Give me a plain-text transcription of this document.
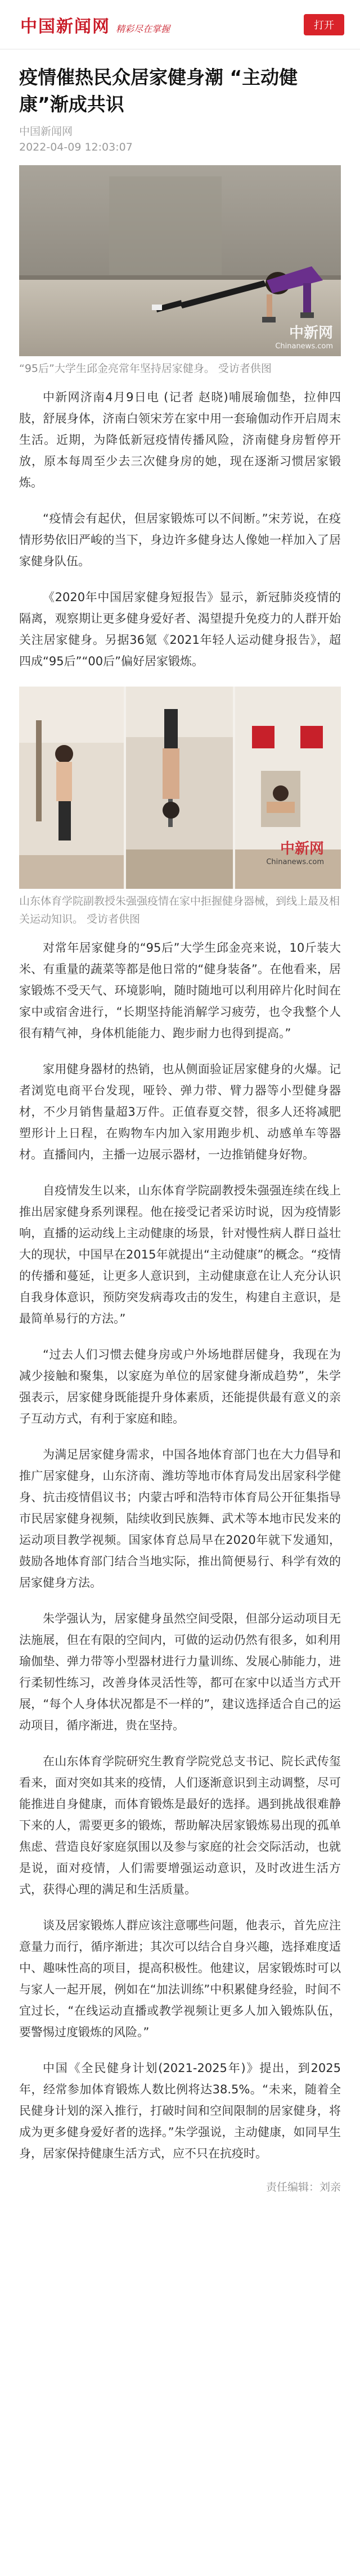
中国新闻网 精彩尽在掌握	打开
疫情催热民众居家健身潮 “主动健康”渐成共识
中国新闻网
2022-04-09 12:03:07
中新网
Chinanews.com
“95后”大学生邱金亮常年坚持居家健身。 受访者供图

中新网济南4月9日电 (记者 赵晓)哺展瑜伽垫，拉伸四肢，舒展身体，济南白领宋芳在家中用一套瑜伽动作开启周末生活。近期，为降低新冠疫情传播风险，济南健身房暂停开放，原本每周至少去三次健身房的她，现在逐渐习惯居家锻炼。

“疫情会有起伏，但居家锻炼可以不间断。”宋芳说，在疫情形势依旧严峻的当下，身边许多健身达人像她一样加入了居家健身队伍。

《2020年中国居家健身短报告》显示，新冠肺炎疫情的隔离，观察期让更多健身爱好者、渴望提升免疫力的人群开始关注居家健身。另据36氪《2021年轻人运动健身报告》，超四成“95后”“00后”偏好居家锻炼。

中新网
Chinanews.com
山东体育学院副教授朱强强疫情在家中拒握健身器械，到线上最及相关运动知识。 受访者供图

对常年居家健身的“95后”大学生邱金亮来说，10斤装大米、有重量的蔬菜等都是他日常的“健身装备”。在他看来，居家锻炼不受天气、环境影响，随时随地可以利用碎片化时间在家中或宿舍进行，“长期坚持能消解学习疲劳，也令我整个人很有精气神，身体机能能力、跑步耐力也得到提高。”

家用健身器材的热销，也从侧面验证居家健身的火爆。记者浏览电商平台发现，哑铃、弹力带、臂力器等小型健身器材，不少月销售量超3万件。正值春夏交替，很多人还将减肥塑形计上日程，在购物车内加入家用跑步机、动感单车等器材。直播间内，主播一边展示器材，一边推销健身好物。

自疫情发生以来，山东体育学院副教授朱强强连续在线上推出居家健身系列课程。他在接受记者采访时说，因为疫情影响，直播的运动线上主动健康的场景，针对慢性病人群日益壮大的现状，中国早在2015年就提出“主动健康”的概念。“疫情的传播和蔓延，让更多人意识到，主动健康意在让人充分认识自我身体意识，预防突发病毒攻击的发生，构建自主意识，是最简单易行的方法。”

“过去人们习惯去健身房或户外场地群居健身，我现在为减少接触和聚集，以家庭为单位的居家健身渐成趋势”，朱学强表示，居家健身既能提升身体素质，还能提供最有意义的亲子互动方式，有利于家庭和睦。

为满足居家健身需求，中国各地体育部门也在大力倡导和推广居家健身，山东济南、潍坊等地市体育局发出居家科学健身、抗击疫情倡议书；内蒙古呼和浩特市体育局公开征集指导市民居家健身视频，陆续收到民族舞、武术等本地市民发来的运动项目教学视频。国家体育总局早在2020年就下发通知，鼓励各地体育部门结合当地实际，推出简便易行、科学有效的居家健身方法。

朱学强认为，居家健身虽然空间受限，但部分运动项目无法施展，但在有限的空间内，可做的运动仍然有很多，如利用瑜伽垫、弹力带等小型器材进行力量训练、发展心肺能力，进行柔韧性练习，改善身体灵活性等，都可在家中以适当方式开展，“每个人身体状况都是不一样的”，建议选择适合自己的运动项目，循序渐进，贵在坚持。

在山东体育学院研究生教育学院党总支书记、院长武传玺看来，面对突如其来的疫情，人们逐渐意识到主动调整，尽可能推进自身健康，而体育锻炼是最好的选择。遇到挑战很难静下来的人，需要更多的锻炼，帮助解决居家锻炼易出现的孤单焦虑、营造良好家庭氛围以及参与家庭的社会交际活动，也就是说，面对疫情，人们需要增强运动意识，及时改进生活方式，获得心理的满足和生活质量。

谈及居家锻炼人群应该注意哪些问题，他表示，首先应注意量力而行，循序渐进；其次可以结合自身兴趣，选择难度适中、趣味性高的项目，提高积极性。他建议，居家锻炼时可以与家人一起开展，例如在“加法训练”中积累健身经验，时间不宜过长，“在线运动直播或教学视频让更多人加入锻炼队伍，要警惕过度锻炼的风险。”

中国《全民健身计划(2021-2025年)》提出，到2025年，经常参加体育锻炼人数比例将达38.5%。“未来，随着全民健身计划的深入推行，打破时间和空间限制的居家健身，将成为更多健身爱好者的选择。”朱学强说，主动健康，如同早生身，居家保持健康生活方式，应不只在抗疫时。

责任编辑：刘亲
